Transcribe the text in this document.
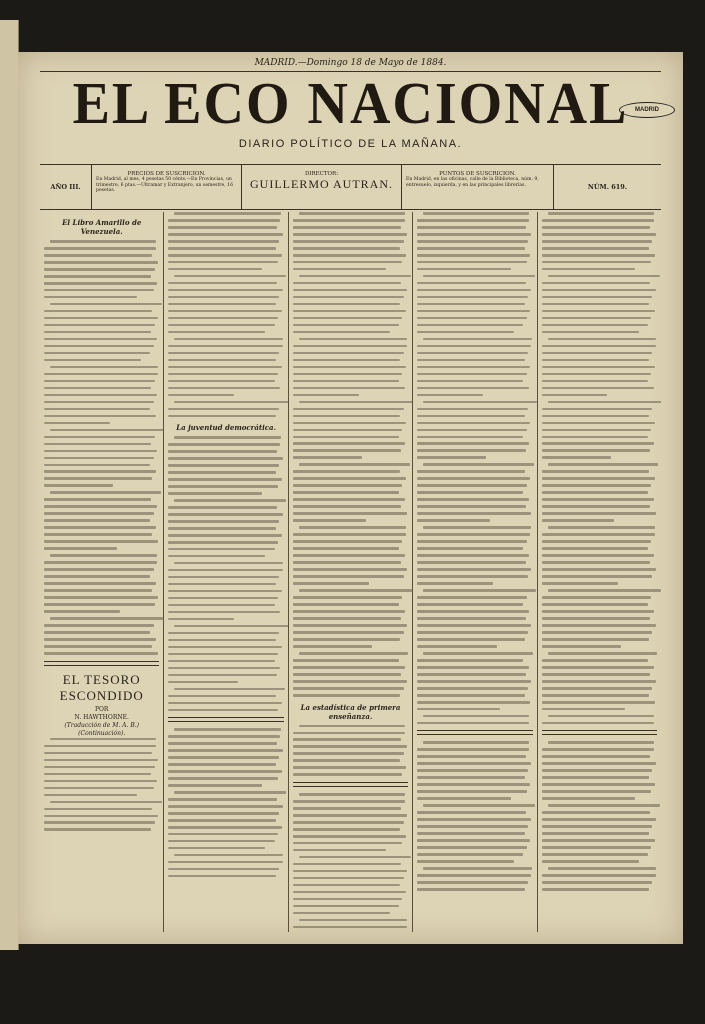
MADRID
MADRID.—Domingo 18 de Mayo de 1884.
EL ECO NACIONAL
DIARIO POLÍTICO DE LA MAÑANA.
AÑO III.
PRECIOS DE SUSCRICION.
En Madrid, al mes, 4 pesetas 50 cénts.—En Provincias, un trimestre, 6 ptas.—Ultramar y Extranjero, un semestre, 16 pesetas.
DIRECTOR:
GUILLERMO AUTRAN.
PUNTOS DE SUSCRICION.
En Madrid, en las oficinas, calle de la Biblioteca, núm. 9, entresuelo, izquierda, y en las principales librerías.	NÚM. 619.
El Libro Amarillo de Venezuela.
EL TESORO ESCONDIDO
POR
N. HAWTHORNE.
(Traducción de M. A. B.)
(Continuación).
La juventud democrática.
La estadística de primera enseñanza.
